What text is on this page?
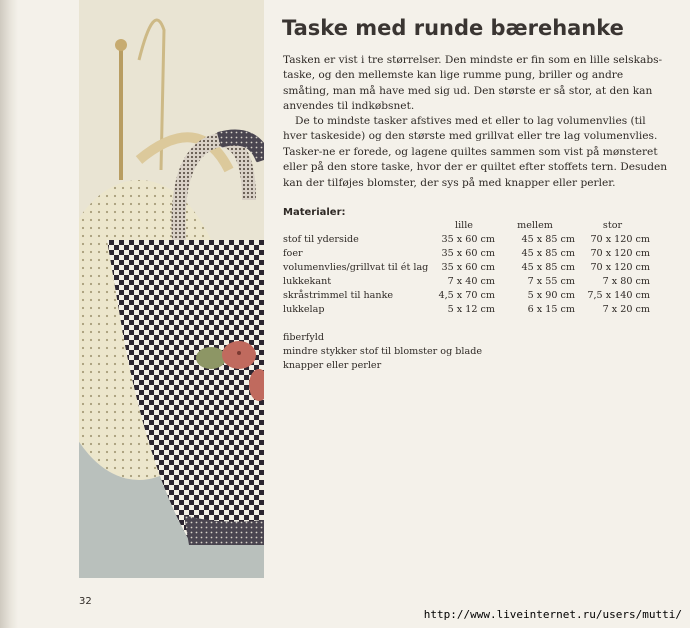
Taske med runde bærehanke

Tasken er vist i tre størrelser. Den mindste er fin som en lille selskabs-taske, og den mellemste kan lige rumme pung, briller og andre småting, man må have med sig ud. Den største er så stor, at den kan anvendes til indkøbsnet.

De to mindste tasker afstives med et eller to lag volumenvlies (til hver taskeside) og den største med grillvat eller tre lag volumenvlies. Tasker-ne er forede, og lagene quiltes sammen som vist på mønsteret eller på den store taske, hvor der er quiltet efter stoffets tern. Desuden kan der tilføjes blomster, der sys på med knapper eller perler.

Materialer:
	lille	mellem	stor
stof til yderside	35 x 60 cm	45 x 85 cm	70 x 120 cm
foer	35 x 60 cm	45 x 85 cm	70 x 120 cm
volumenvlies/grillvat til ét lag	35 x 60 cm	45 x 85 cm	70 x 120 cm
lukkekant	7 x 40 cm	7 x 55 cm	7 x 80 cm
skråstrimmel til hanke	4,5 x 70 cm	5 x 90 cm	7,5 x 140 cm
lukkelap	5 x 12 cm	6 x 15 cm	7 x 20 cm
fiberfyld
mindre stykker stof til blomster og blade
knapper eller perler
32
http://www.liveinternet.ru/users/mutti/
